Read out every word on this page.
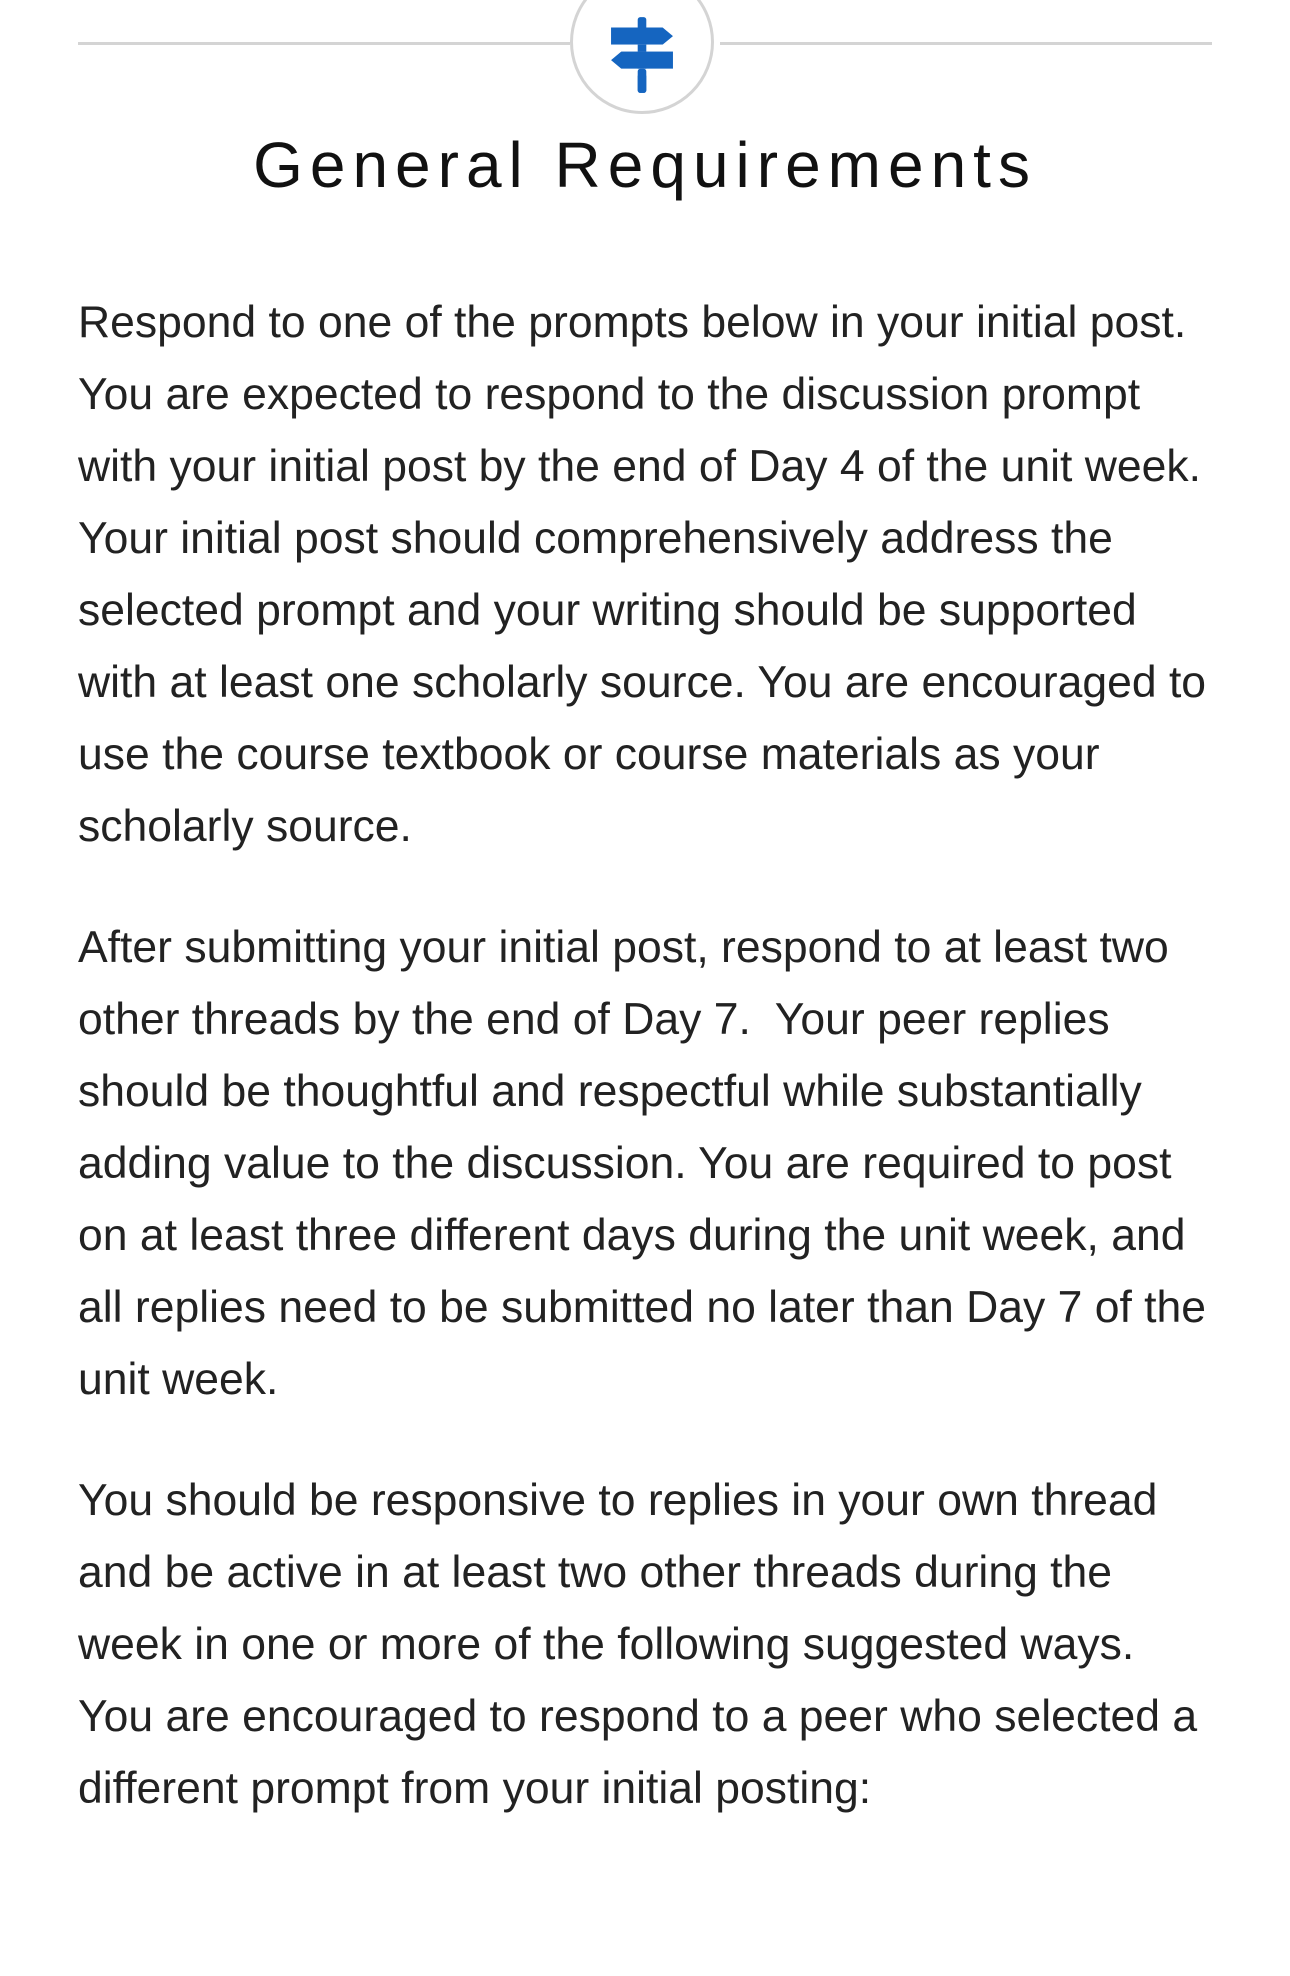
General Requirements

Respond to one of the prompts below in your initial post. You are expected to respond to the discussion prompt with your initial post by the end of Day 4 of the unit week.  Your initial post should comprehensively address the selected prompt and your writing should be supported with at least one scholarly source. You are encouraged to use the course textbook or course materials as your scholarly source.

After submitting your initial post, respond to at least two other threads by the end of Day 7.  Your peer replies should be thoughtful and respectful while substantially adding value to the discussion. You are required to post on at least three different days during the unit week, and all replies need to be submitted no later than Day 7 of the unit week.

You should be responsive to replies in your own thread and be active in at least two other threads during the week in one or more of the following suggested ways. You are encouraged to respond to a peer who selected a different prompt from your initial posting:
